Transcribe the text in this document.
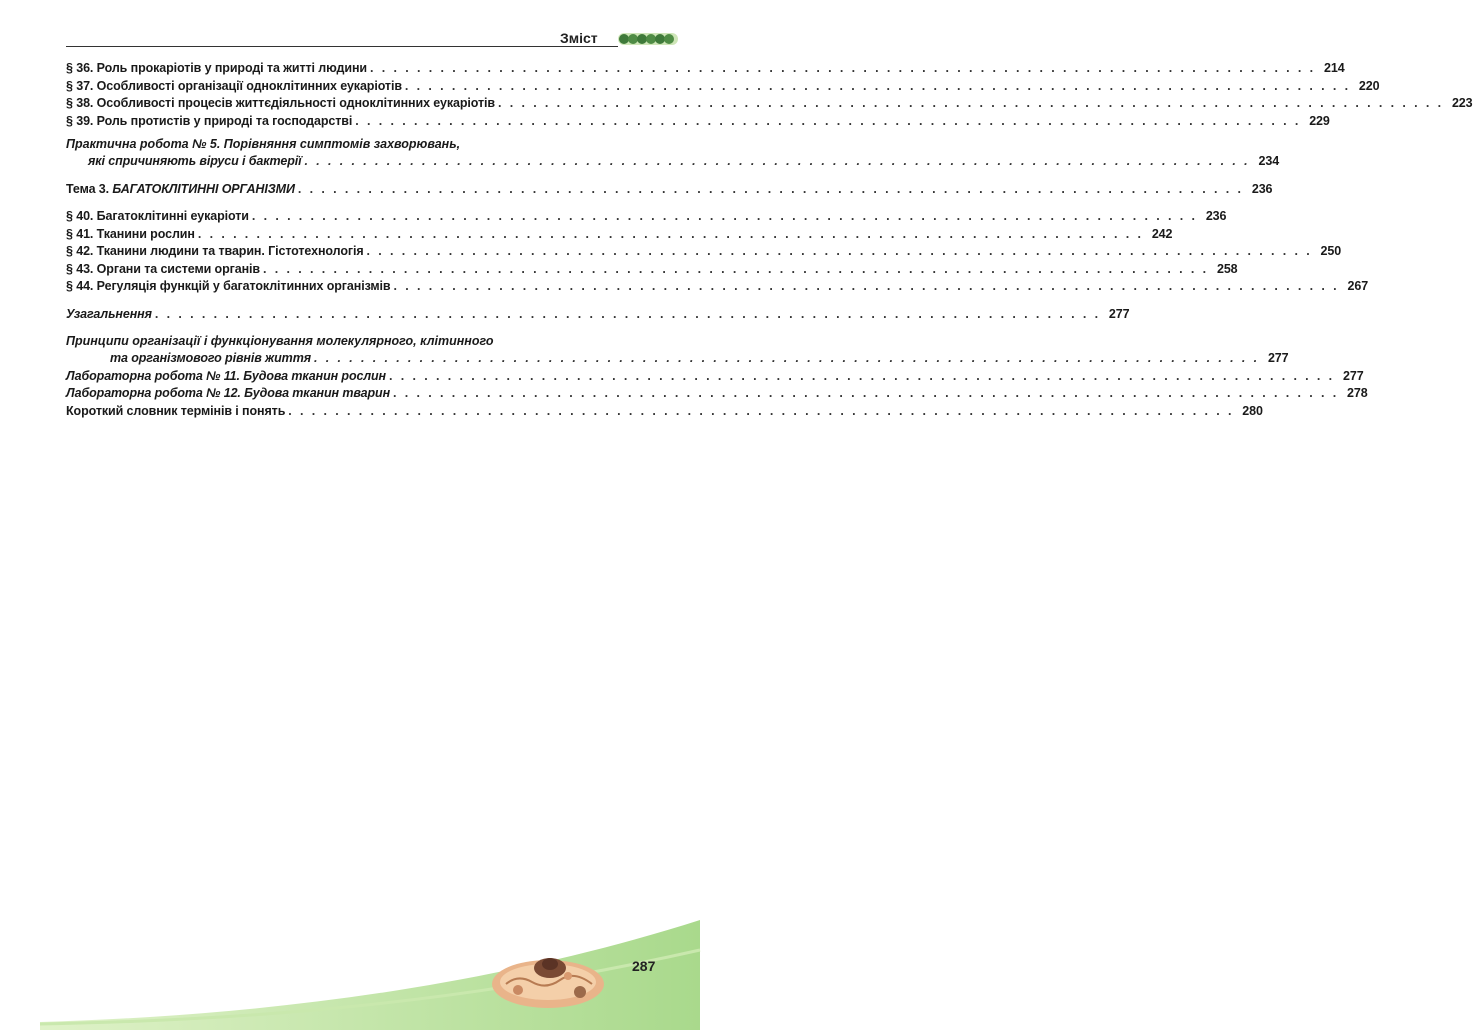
Зміст
§ 36. Роль прокаріотів у природі та житті людини . . . . . . . . . . . . . . . . . . . . . . . . . . . . . . . . . . . . . . . . . . . . . . . . . . . . . . . . . . . . . . . . . . . . . . . . . . . . . . . . . 214
§ 37. Особливості організації одноклітинних еукаріотів . . . . . . . . . . . . . . . . . . . . . . . . . . . . . . . . . . . . . . . . . . . . . . . . . . . . . . . . . . . . . . . . . . . . . . . . . . . . . . . . . 220
§ 38. Особливості процесів життєдіяльності одноклітинних еукаріотів . . . . . . . . . . . . . . . . . . . . . . . . . . . . . . . . . . . . . . . . . . . . . . . . . . . . . . . . . . . . . . . . . . . . . . . . . . . . . . . . . 223
§ 39. Роль протистів у природі та господарстві . . . . . . . . . . . . . . . . . . . . . . . . . . . . . . . . . . . . . . . . . . . . . . . . . . . . . . . . . . . . . . . . . . . . . . . . . . . . . . . . . 229
Практична робота № 5. Порівняння симптомів захворювань,
які спричиняють віруси і бактерії . . . . . . . . . . . . . . . . . . . . . . . . . . . . . . . . . . . . . . . . . . . . . . . . . . . . . . . . . . . . . . . . . . . . . . . . . . . . . . . . . 234
Тема 3. БАГАТОКЛІТИННІ ОРГАНІЗМИ . . . . . . . . . . . . . . . . . . . . . . . . . . . . . . . . . . . . . . . . . . . . . . . . . . . . . . . . . . . . . . . . . . . . . . . . . . . . . . . . . 236
§ 40. Багатоклітинні еукаріоти . . . . . . . . . . . . . . . . . . . . . . . . . . . . . . . . . . . . . . . . . . . . . . . . . . . . . . . . . . . . . . . . . . . . . . . . . . . . . . . . . 236
§ 41. Тканини рослин . . . . . . . . . . . . . . . . . . . . . . . . . . . . . . . . . . . . . . . . . . . . . . . . . . . . . . . . . . . . . . . . . . . . . . . . . . . . . . . . . 242
§ 42. Тканини людини та тварин. Гістотехнологія . . . . . . . . . . . . . . . . . . . . . . . . . . . . . . . . . . . . . . . . . . . . . . . . . . . . . . . . . . . . . . . . . . . . . . . . . . . . . . . . . 250
§ 43. Органи та системи органів . . . . . . . . . . . . . . . . . . . . . . . . . . . . . . . . . . . . . . . . . . . . . . . . . . . . . . . . . . . . . . . . . . . . . . . . . . . . . . . . . 258
§ 44. Регуляція функцій у багатоклітинних організмів . . . . . . . . . . . . . . . . . . . . . . . . . . . . . . . . . . . . . . . . . . . . . . . . . . . . . . . . . . . . . . . . . . . . . . . . . . . . . . . . . 267
Узагальнення . . . . . . . . . . . . . . . . . . . . . . . . . . . . . . . . . . . . . . . . . . . . . . . . . . . . . . . . . . . . . . . . . . . . . . . . . . . . . . . . . 277
Принципи організації і функціонування молекулярного, клітинного
та організмового рівнів життя . . . . . . . . . . . . . . . . . . . . . . . . . . . . . . . . . . . . . . . . . . . . . . . . . . . . . . . . . . . . . . . . . . . . . . . . . . . . . . . . . 277
Лабораторна робота № 11. Будова тканин рослин . . . . . . . . . . . . . . . . . . . . . . . . . . . . . . . . . . . . . . . . . . . . . . . . . . . . . . . . . . . . . . . . . . . . . . . . . . . . . . . . . 277
Лабораторна робота № 12. Будова тканин тварин . . . . . . . . . . . . . . . . . . . . . . . . . . . . . . . . . . . . . . . . . . . . . . . . . . . . . . . . . . . . . . . . . . . . . . . . . . . . . . . . . 278
Короткий словник термінів і понять . . . . . . . . . . . . . . . . . . . . . . . . . . . . . . . . . . . . . . . . . . . . . . . . . . . . . . . . . . . . . . . . . . . . . . . . . . . . . . . . . 280
287
